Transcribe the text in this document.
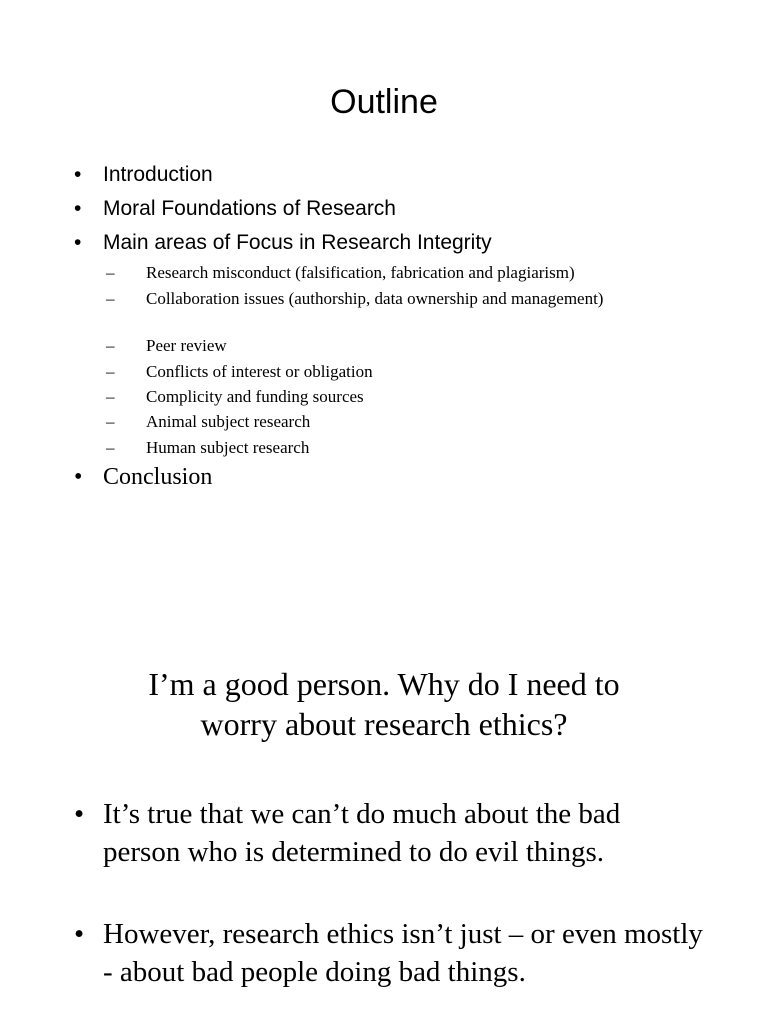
Outline
• Introduction
• Moral Foundations of Research
• Main areas of Focus in Research Integrity
– Research misconduct (falsification, fabrication and plagiarism)
– Collaboration issues (authorship, data ownership and management)
– Peer review
– Conflicts of interest or obligation
– Complicity and funding sources
– Animal subject research
– Human subject research
• Conclusion
I’m a good person. Why do I need to
worry about research ethics?
• It’s true that we can’t do much about the bad person who is determined to do evil things.
• However, research ethics isn’t just – or even mostly - about bad people doing bad things.
